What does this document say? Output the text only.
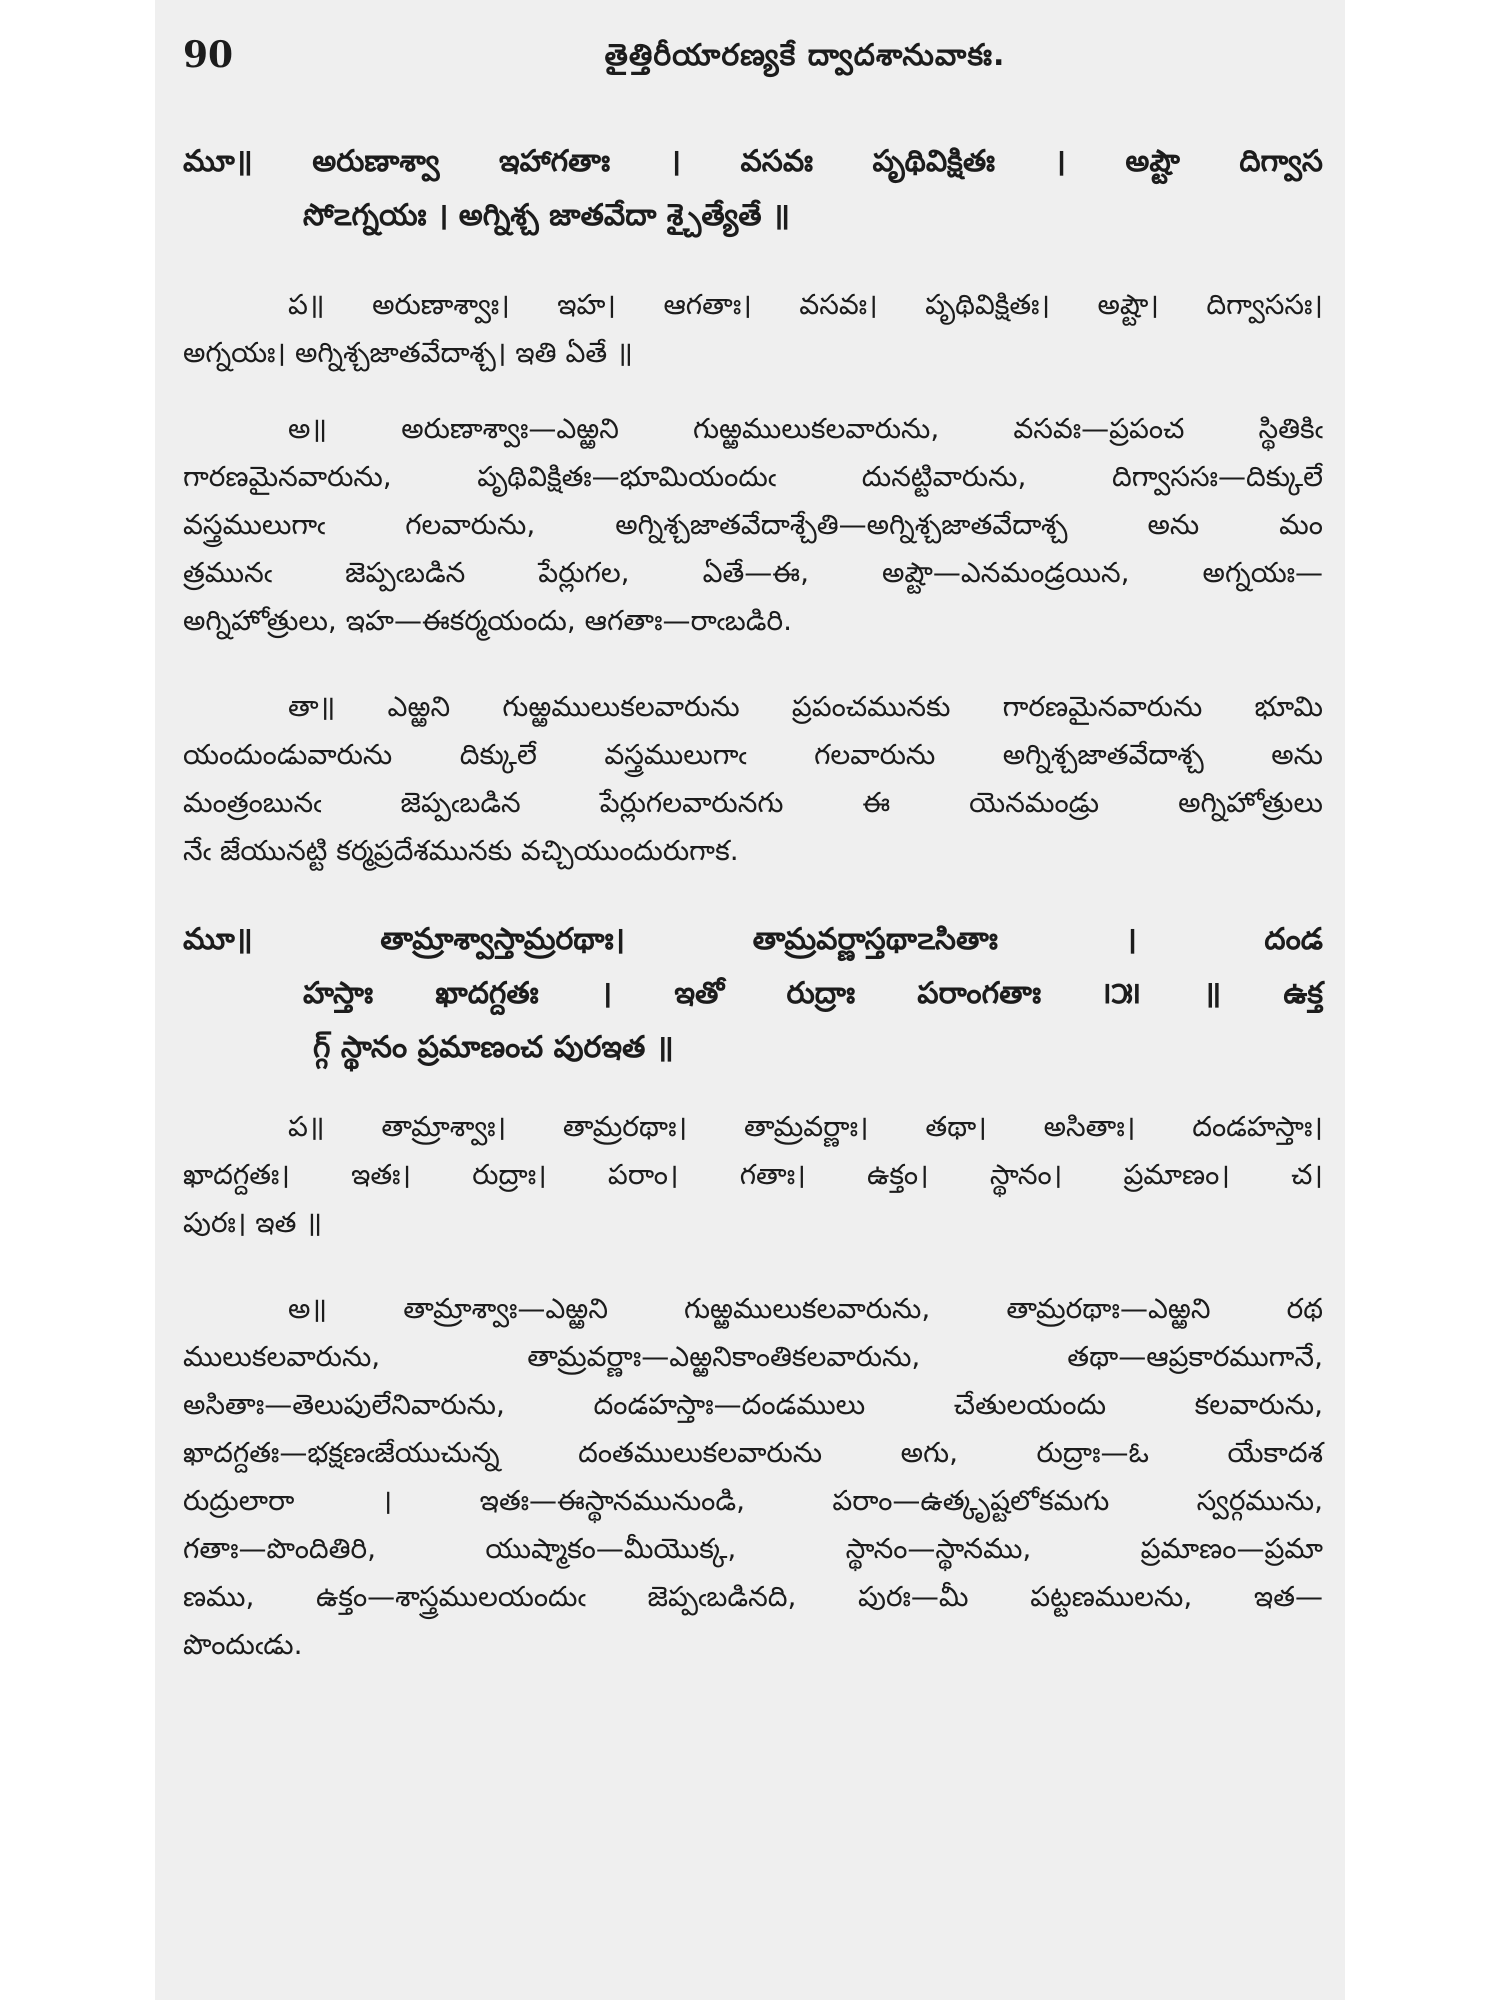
90	తైత్తిరీయారణ్యకే ద్వాదశానువాకః.
మూ॥ అరుణాశ్వా ఇహాగతాః । వసవః పృథివిక్షితః । అష్టౌ దిగ్వాస
సో౽గ్నయః । అగ్నిశ్చ జాతవేదా శ్చైత్యేతే ॥
ప॥ అరుణాశ్వాః। ఇహ। ఆగతాః। వసవః। పృథివిక్షితః। అష్టౌ। దిగ్వాససః।
అగ్నయః। అగ్నిశ్చజాతవేదాశ్చ। ఇతి ఏతే ॥
అ॥ అరుణాశ్వాః—ఎఱ్ఱని గుఱ్ఱములుకలవారును, వసవః—ప్రపంచ స్థితికిఁ
గారణమైనవారును, పృథివిక్షితః—భూమియందుఁ దునట్టివారును, దిగ్వాససః—దిక్కులే
వస్త్రములుగాఁ గలవారును, అగ్నిశ్చజాతవేదాశ్చేతి—అగ్నిశ్చజాతవేదాశ్చ అను మం
త్రమునఁ జెప్పఁబడిన పేర్లుగల, ఏతే—ఈ, అష్టౌ—ఎనమండ్రయిన, అగ్నయః—
అగ్నిహోత్రులు, ఇహ—ఈకర్మయందు, ఆగతాః—రాఁబడిరి.
తా॥ ఎఱ్ఱని గుఱ్ఱములుకలవారును ప్రపంచమునకు గారణమైనవారును భూమి
యందుండువారును దిక్కులే వస్త్రములుగాఁ గలవారును అగ్నిశ్చజాతవేదాశ్చ అను
మంత్రంబునఁ జెప్పఁబడిన పేర్లుగలవారునగు ఈ యెనమండ్రు అగ్నిహోత్రులు
నేఁ జేయునట్టి కర్మప్రదేశమునకు వచ్చియుందురుగాక.
మూ॥ తామ్రాశ్వాస్తామ్రరథాః। తామ్రవర్ణాస్తథా౽సితాః । దండ
హస్తాః ఖాదగ్దతః । ఇతో రుద్రాః పరాంగతాః ౹౫౹ ॥ ఉక్త
గ్గ్ స్థానం ప్రమాణంచ పురఇత ॥
ప॥ తామ్రాశ్వాః। తామ్రరథాః। తామ్రవర్ణాః। తథా। అసితాః। దండహస్తాః।
ఖాదగ్దతః। ఇతః। రుద్రాః। పరాం। గతాః। ఉక్తం। స్థానం। ప్రమాణం। చ।
పురః। ఇత ॥
అ॥ తామ్రాశ్వాః—ఎఱ్ఱని గుఱ్ఱములుకలవారును, తామ్రరథాః—ఎఱ్ఱని రథ
ములుకలవారును, తామ్రవర్ణాః—ఎఱ్ఱనికాంతికలవారును, తథా—ఆప్రకారముగానే,
అసితాః—తెలుపులేనివారును, దండహస్తాః—దండములు చేతులయందు కలవారును,
ఖాదగ్దతః—భక్షణఁజేయుచున్న దంతములుకలవారును అగు, రుద్రాః—ఓ యేకాదశ
రుద్రులారా । ఇతః—ఈస్థానమునుండి, పరాం—ఉత్కృష్టలోకమగు స్వర్గమును,
గతాః—పొందితిరి, యుష్మాకం—మీయొక్క, స్థానం—స్థానము, ప్రమాణం—ప్రమా
ణము, ఉక్తం—శాస్త్రములయందుఁ జెప్పఁబడినది, పురః—మీ పట్టణములను, ఇత—
పొందుఁడు.
